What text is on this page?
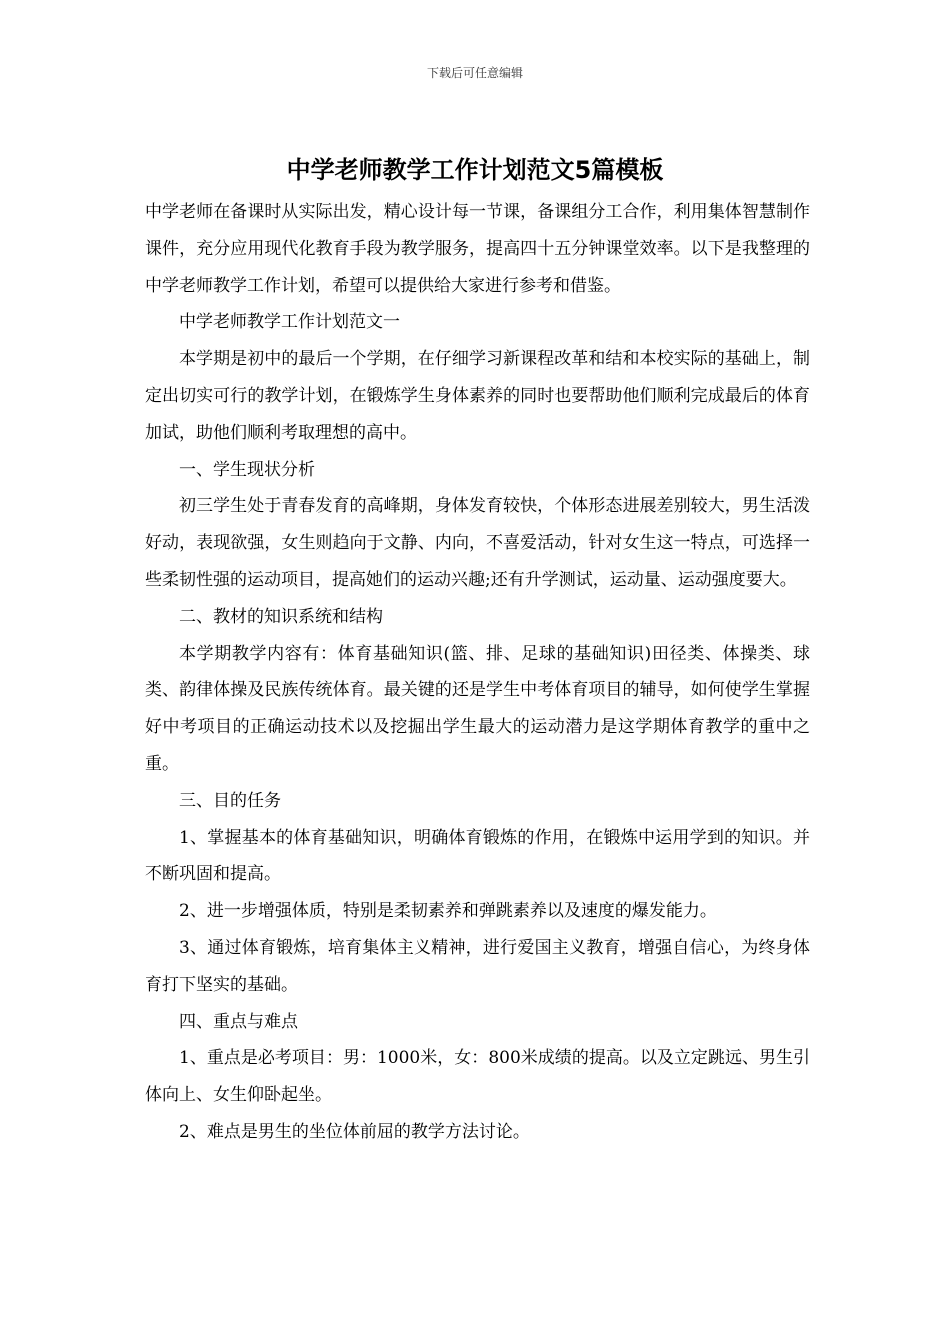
下载后可任意编辑
中学老师教学工作计划范文5篇模板

中学老师在备课时从实际出发，精心设计每一节课，备课组分工合作，利用集体智慧制作课件，充分应用现代化教育手段为教学服务，提高四十五分钟课堂效率。以下是我整理的中学老师教学工作计划，希望可以提供给大家进行参考和借鉴。

中学老师教学工作计划范文一

本学期是初中的最后一个学期，在仔细学习新课程改革和结和本校实际的基础上，制定出切实可行的教学计划，在锻炼学生身体素养的同时也要帮助他们顺利完成最后的体育加试，助他们顺利考取理想的高中。

一、学生现状分析

初三学生处于青春发育的高峰期，身体发育较快，个体形态进展差别较大，男生活泼好动，表现欲强，女生则趋向于文静、内向，不喜爱活动，针对女生这一特点，可选择一些柔韧性强的运动项目，提高她们的运动兴趣;还有升学测试，运动量、运动强度要大。

二、教材的知识系统和结构

本学期教学内容有：体育基础知识(篮、排、足球的基础知识)田径类、体操类、球类、韵律体操及民族传统体育。最关键的还是学生中考体育项目的辅导，如何使学生掌握好中考项目的正确运动技术以及挖掘出学生最大的运动潜力是这学期体育教学的重中之重。

三、目的任务

1、掌握基本的体育基础知识，明确体育锻炼的作用，在锻炼中运用学到的知识。并不断巩固和提高。

2、进一步增强体质，特别是柔韧素养和弹跳素养以及速度的爆发能力。

3、通过体育锻炼，培育集体主义精神，进行爱国主义教育，增强自信心，为终身体育打下坚实的基础。

四、重点与难点

1、重点是必考项目：男：1000米，女：800米成绩的提高。以及立定跳远、男生引体向上、女生仰卧起坐。

2、难点是男生的坐位体前屈的教学方法讨论。
